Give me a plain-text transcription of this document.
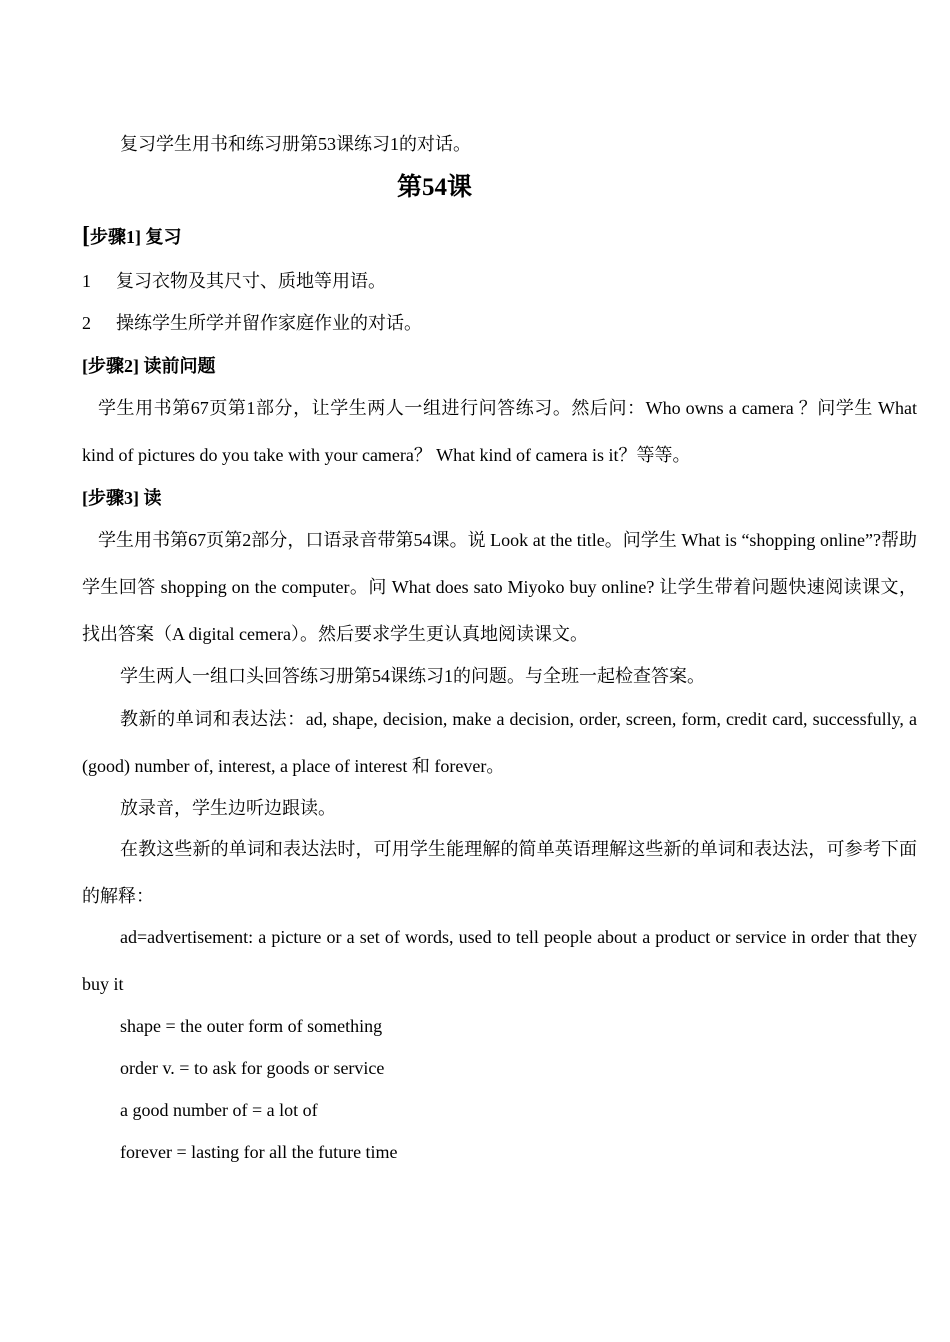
复习学生用书和练习册第53课练习1的对话。
第54课
[步骤1] 复习
1 复习衣物及其尺寸、质地等用语。
2 操练学生所学并留作家庭作业的对话。
[步骤2] 读前问题
学生用书第67页第1部分，让学生两人一组进行问答练习。然后问：Who owns a camera ？问学生 What kind of pictures do you take with your camera？ What kind of camera is it？等等。
[步骤3] 读
学生用书第67页第2部分，口语录音带第54课。说 Look at the title。问学生 What is “shopping online”?帮助学生回答 shopping on the computer。问 What does sato Miyoko buy online? 让学生带着问题快速阅读课文，找出答案（A digital cemera）。然后要求学生更认真地阅读课文。
学生两人一组口头回答练习册第54课练习1的问题。与全班一起检查答案。
教新的单词和表达法：ad, shape, decision, make a decision, order, screen, form, credit card, successfully, a (good) number of, interest, a place of interest 和 forever。
放录音，学生边听边跟读。
在教这些新的单词和表达法时，可用学生能理解的简单英语理解这些新的单词和表达法，可参考下面的解释：
ad=advertisement: a picture or a set of words, used to tell people about a product or service in order that they buy it
shape = the outer form of something
order v. = to ask for goods or service
a good number of = a lot of
forever = lasting for all the future time
